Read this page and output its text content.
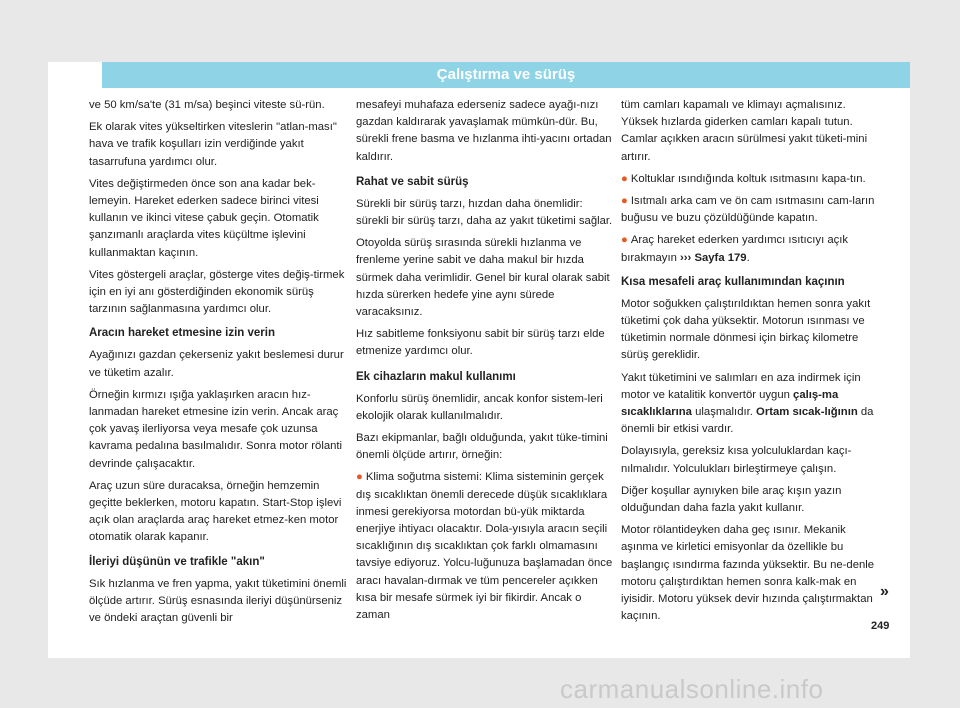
Çalıştırma ve sürüş

ve 50 km/sa'te (31 m/sa) beşinci viteste sü-rün.

Ek olarak vites yükseltirken viteslerin "atlan-ması" hava ve trafik koşulları izin verdiğinde yakıt tasarrufuna yardımcı olur.

Vites değiştirmeden önce son ana kadar bek-lemeyin. Hareket ederken sadece birinci vitesi kullanın ve ikinci vitese çabuk geçin. Otomatik şanzımanlı araçlarda vites küçültme işlevini kullanmaktan kaçının.

Vites göstergeli araçlar, gösterge vites değiş-tirmek için en iyi anı gösterdiğinden ekonomik sürüş tarzının sağlanmasına yardımcı olur.

Aracın hareket etmesine izin verin

Ayağınızı gazdan çekerseniz yakıt beslemesi durur ve tüketim azalır.

Örneğin kırmızı ışığa yaklaşırken aracın hız-lanmadan hareket etmesine izin verin. Ancak araç çok yavaş ilerliyorsa veya mesafe çok uzunsa kavrama pedalına basılmalıdır. Sonra motor rölanti devrinde çalışacaktır.

Araç uzun süre duracaksa, örneğin hemzemin geçitte beklerken, motoru kapatın. Start-Stop işlevi açık olan araçlarda araç hareket etmez-ken motor otomatik olarak kapanır.

İleriyi düşünün ve trafikle "akın"

Sık hızlanma ve fren yapma, yakıt tüketimini önemli ölçüde artırır. Sürüş esnasında ileriyi düşünürseniz ve öndeki araçtan güvenli bir

mesafeyi muhafaza ederseniz sadece ayağı-nızı gazdan kaldırarak yavaşlamak mümkün-dür. Bu, sürekli frene basma ve hızlanma ihti-yacını ortadan kaldırır.

Rahat ve sabit sürüş

Sürekli bir sürüş tarzı, hızdan daha önemlidir: sürekli bir sürüş tarzı, daha az yakıt tüketimi sağlar.

Otoyolda sürüş sırasında sürekli hızlanma ve frenleme yerine sabit ve daha makul bir hızda sürmek daha verimlidir. Genel bir kural olarak sabit hızda sürerken hedefe yine aynı sürede varacaksınız.

Hız sabitleme fonksiyonu sabit bir sürüş tarzı elde etmenize yardımcı olur.

Ek cihazların makul kullanımı

Konforlu sürüş önemlidir, ancak konfor sistem-leri ekolojik olarak kullanılmalıdır.

Bazı ekipmanlar, bağlı olduğunda, yakıt tüke-timini önemli ölçüde artırır, örneğin:

● Klima soğutma sistemi: Klima sisteminin gerçek dış sıcaklıktan önemli derecede düşük sıcaklıklara inmesi gerekiyorsa motordan bü-yük miktarda enerjiye ihtiyacı olacaktır. Dola-yısıyla aracın seçili sıcaklığının dış sıcaklıktan çok farklı olmamasını tavsiye ediyoruz. Yolcu-luğunuza başlamadan önce aracı havalan-dırmak ve tüm pencereler açıkken kısa bir mesafe sürmek iyi bir fikirdir. Ancak o zaman

tüm camları kapamalı ve klimayı açmalısınız. Yüksek hızlarda giderken camları kapalı tutun. Camlar açıkken aracın sürülmesi yakıt tüketi-mini artırır.

● Koltuklar ısındığında koltuk ısıtmasını kapa-tın.

● Isıtmalı arka cam ve ön cam ısıtmasını cam-ların buğusu ve buzu çözüldüğünde kapatın.

● Araç hareket ederken yardımcı ısıtıcıyı açık bırakmayın ››› Sayfa 179.

Kısa mesafeli araç kullanımından kaçının

Motor soğukken çalıştırıldıktan hemen sonra yakıt tüketimi çok daha yüksektir. Motorun ısınması ve tüketimin normale dönmesi için birkaç kilometre sürüş gereklidir.

Yakıt tüketimini ve salımları en aza indirmek için motor ve katalitik konvertör uygun çalış-ma sıcaklıklarına ulaşmalıdır. Ortam sıcak-lığının da önemli bir etkisi vardır.

Dolayısıyla, gereksiz kısa yolculuklardan kaçı-nılmalıdır. Yolculukları birleştirmeye çalışın.

Diğer koşullar aynıyken bile araç kışın yazın olduğundan daha fazla yakıt kullanır.

Motor rölantideyken daha geç ısınır. Mekanik aşınma ve kirletici emisyonlar da özellikle bu başlangıç ısındırma fazında yüksektir. Bu ne-denle motoru çalıştırdıktan hemen sonra kalk-mak en iyisidir. Motoru yüksek devir hızında çalıştırmaktan kaçının.

»
249
carmanualsonline.info
